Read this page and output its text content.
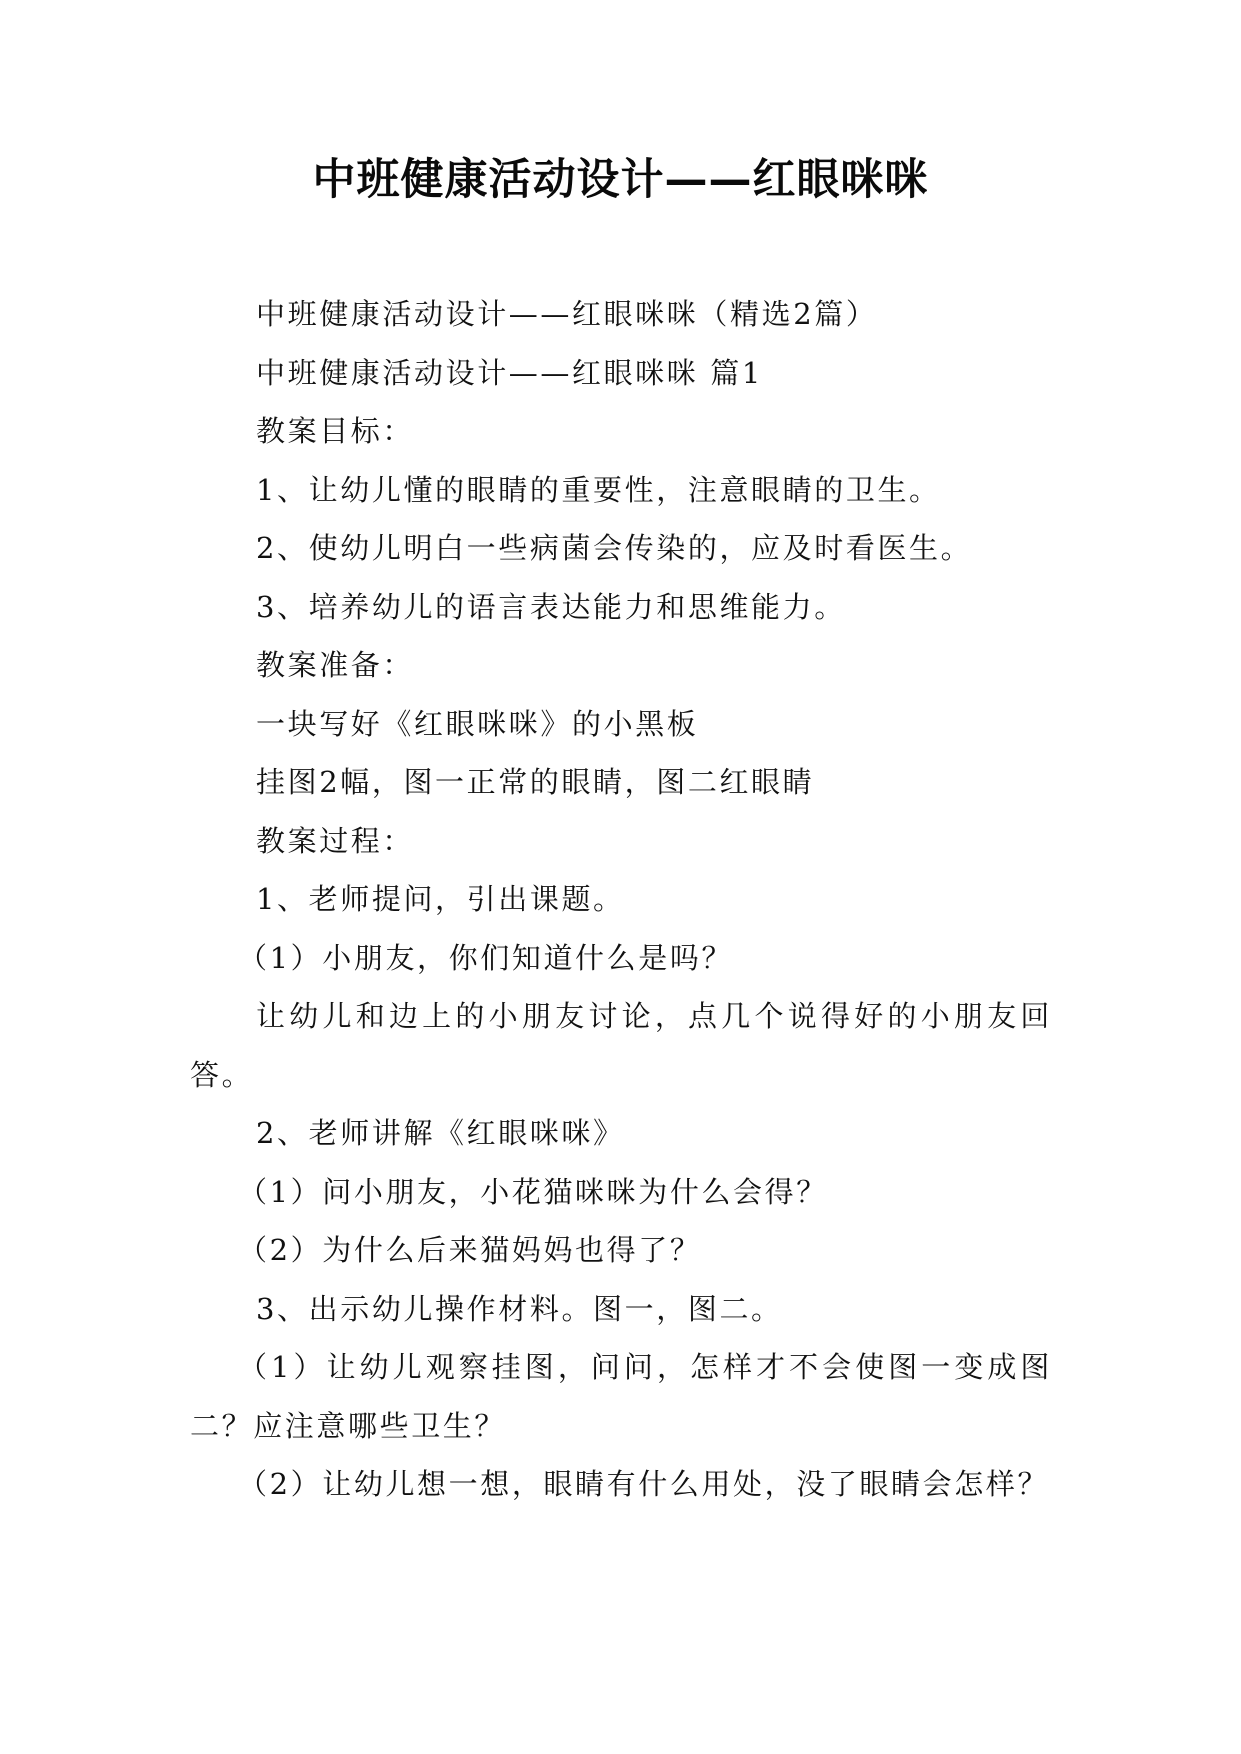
中班健康活动设计——红眼咪咪

中班健康活动设计——红眼咪咪（精选2篇）

中班健康活动设计——红眼咪咪 篇1

教案目标：

1、让幼儿懂的眼睛的重要性，注意眼睛的卫生。

2、使幼儿明白一些病菌会传染的，应及时看医生。

3、培养幼儿的语言表达能力和思维能力。

教案准备：

一块写好《红眼咪咪》的小黑板

挂图2幅，图一正常的眼睛，图二红眼睛

教案过程：

1、老师提问，引出课题。

（1）小朋友，你们知道什么是吗？

让幼儿和边上的小朋友讨论，点几个说得好的小朋友回答。

2、老师讲解《红眼咪咪》

（1）问小朋友，小花猫咪咪为什么会得？

（2）为什么后来猫妈妈也得了？

3、出示幼儿操作材料。图一，图二。

（1）让幼儿观察挂图，问问，怎样才不会使图一变成图二？应注意哪些卫生？

（2）让幼儿想一想，眼睛有什么用处，没了眼睛会怎样？
